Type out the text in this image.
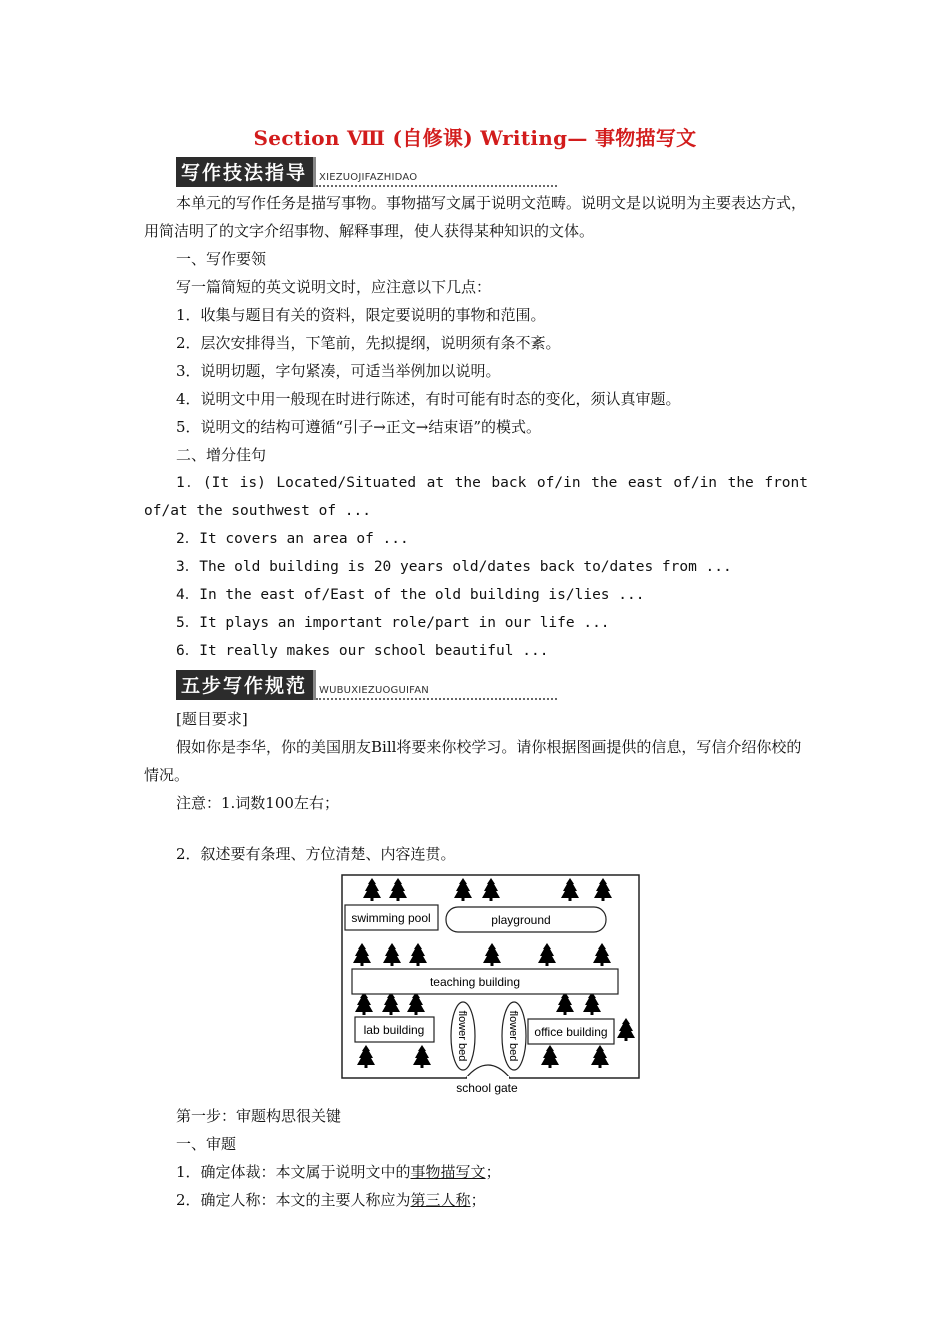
Section Ⅷ (自修课) Writing— 事物描写文
写作技法指导	XIEZUOJIFAZHIDAO

本单元的写作任务是描写事物。事物描写文属于说明文范畴。说明文是以说明为主要表达方式，用简洁明了的文字介绍事物、解释事理，使人获得某种知识的文体。

一、写作要领

写一篇简短的英文说明文时，应注意以下几点：

1．收集与题目有关的资料，限定要说明的事物和范围。

2．层次安排得当，下笔前，先拟提纲，说明须有条不紊。

3．说明切题，字句紧凑，可适当举例加以说明。

4．说明文中用一般现在时进行陈述，有时可能有时态的变化，须认真审题。

5．说明文的结构可遵循“引子→正文→结束语”的模式。

二、增分佳句

1．(It is) Located/Situated at the back of/in the east of/in the front of/at the southwest of ...

2．It covers an area of ...

3．The old building is 20 years old/dates back to/dates from ...

4．In the east of/East of the old building is/lies ...

5．It plays an important role/part in our life ...

6．It really makes our school beautiful ...

五步写作规范	WUBUXIEZUOGUIFAN

[题目要求]

假如你是李华，你的美国朋友Bill将要来你校学习。请你根据图画提供的信息，写信介绍你校的情况。

注意：1.词数100左右；

2．叙述要有条理、方位清楚、内容连贯。

swimming pool	playground
teaching building
lab building	flower bed	flower bed office building
school gate

第一步：审题构思很关键

一、审题

1．确定体裁：本文属于说明文中的事物描写文；

2．确定人称：本文的主要人称应为第三人称；
